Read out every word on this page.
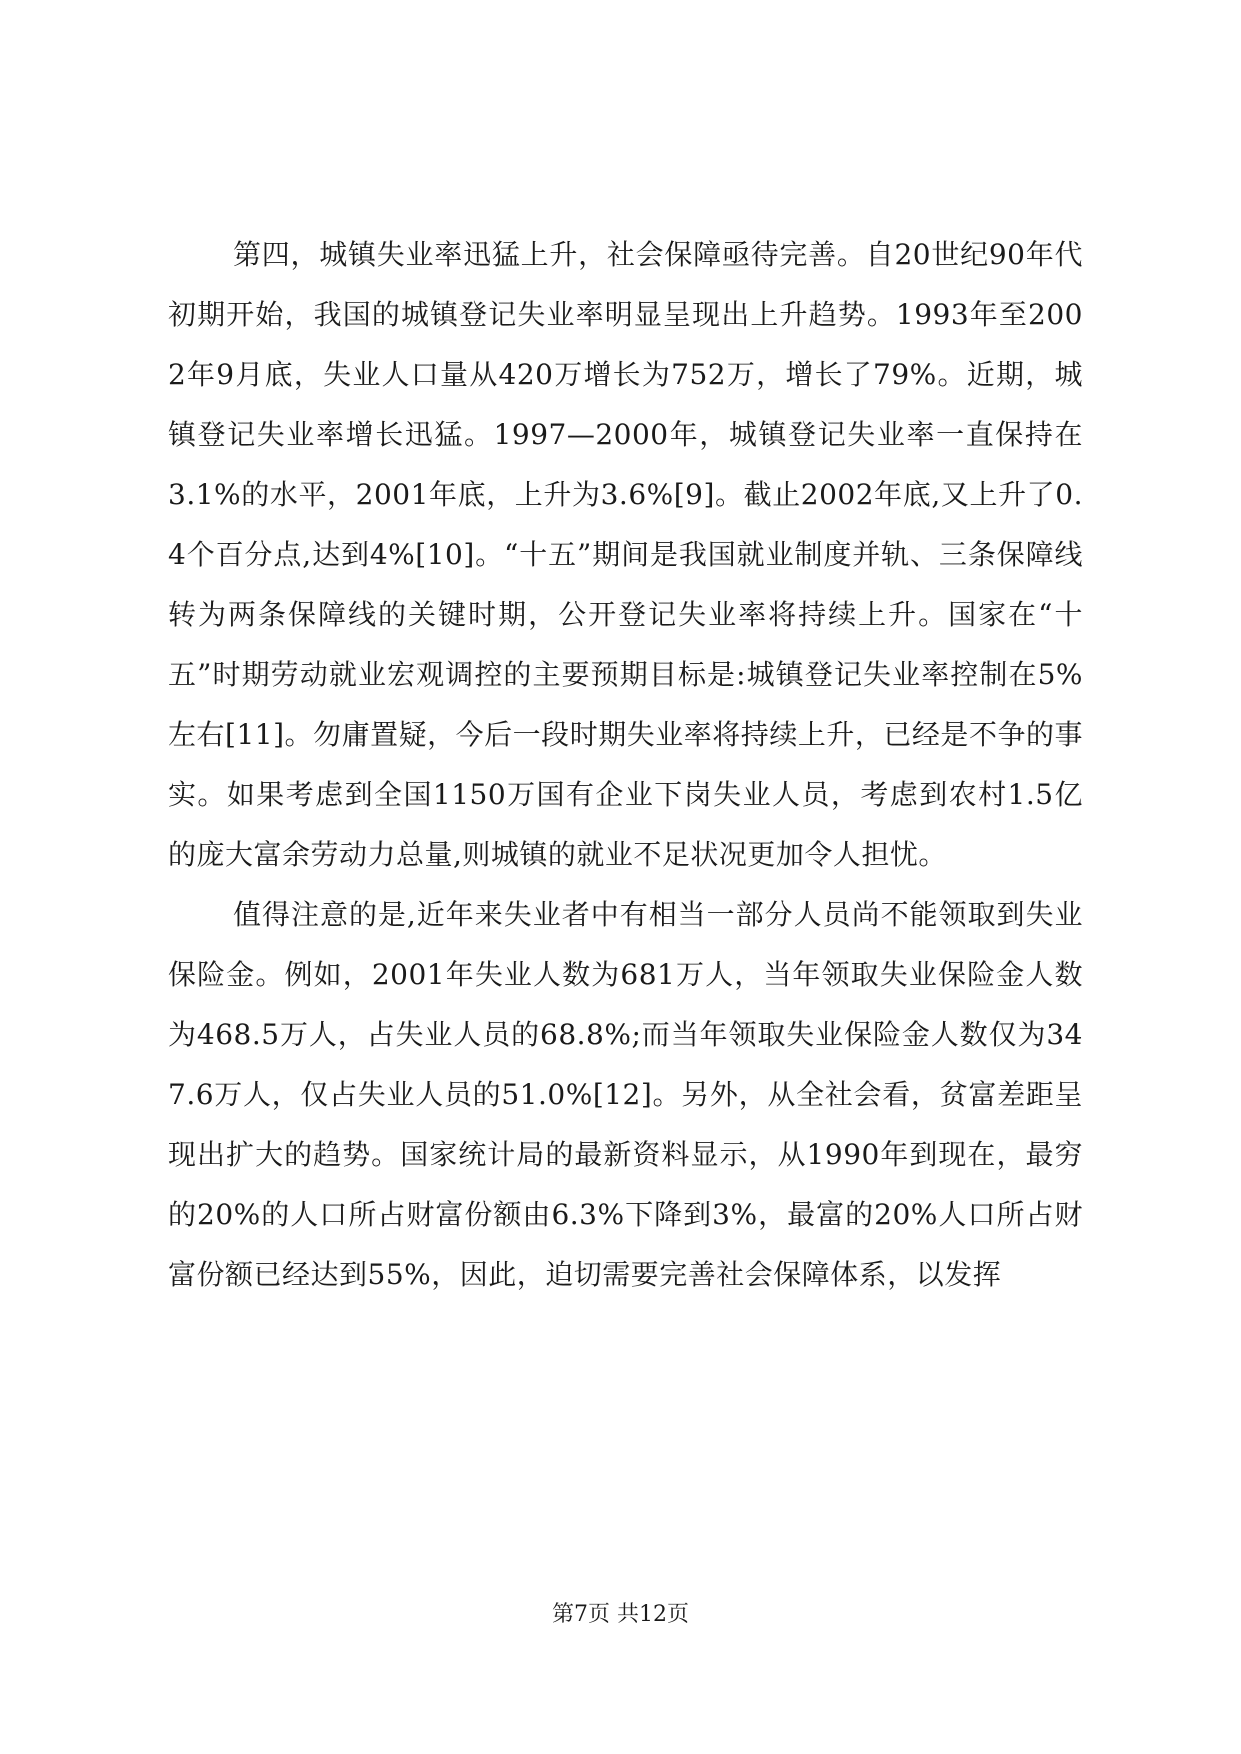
第四，城镇失业率迅猛上升，社会保障亟待完善。自20世纪90年代初期开始，我国的城镇登记失业率明显呈现出上升趋势。1993年至2002年9月底，失业人口量从420万增长为752万，增长了79%。近期，城镇登记失业率增长迅猛。1997—2000年，城镇登记失业率一直保持在3.1%的水平，2001年底，上升为3.6%[9]。截止2002年底,又上升了0.4个百分点,达到4%[10]。“十五”期间是我国就业制度并轨、三条保障线转为两条保障线的关键时期，公开登记失业率将持续上升。国家在“十五”时期劳动就业宏观调控的主要预期目标是:城镇登记失业率控制在5%左右[11]。勿庸置疑，今后一段时期失业率将持续上升，已经是不争的事实。如果考虑到全国1150万国有企业下岗失业人员，考虑到农村1.5亿的庞大富余劳动力总量,则城镇的就业不足状况更加令人担忧。

值得注意的是,近年来失业者中有相当一部分人员尚不能领取到失业保险金。例如，2001年失业人数为681万人，当年领取失业保险金人数为468.5万人，占失业人员的68.8%;而当年领取失业保险金人数仅为347.6万人，仅占失业人员的51.0%[12]。另外，从全社会看，贫富差距呈现出扩大的趋势。国家统计局的最新资料显示，从1990年到现在，最穷的20%的人口所占财富份额由6.3%下降到3%，最富的20%人口所占财富份额已经达到55%，因此，迫切需要完善社会保障体系，以发挥

第7页 共12页
